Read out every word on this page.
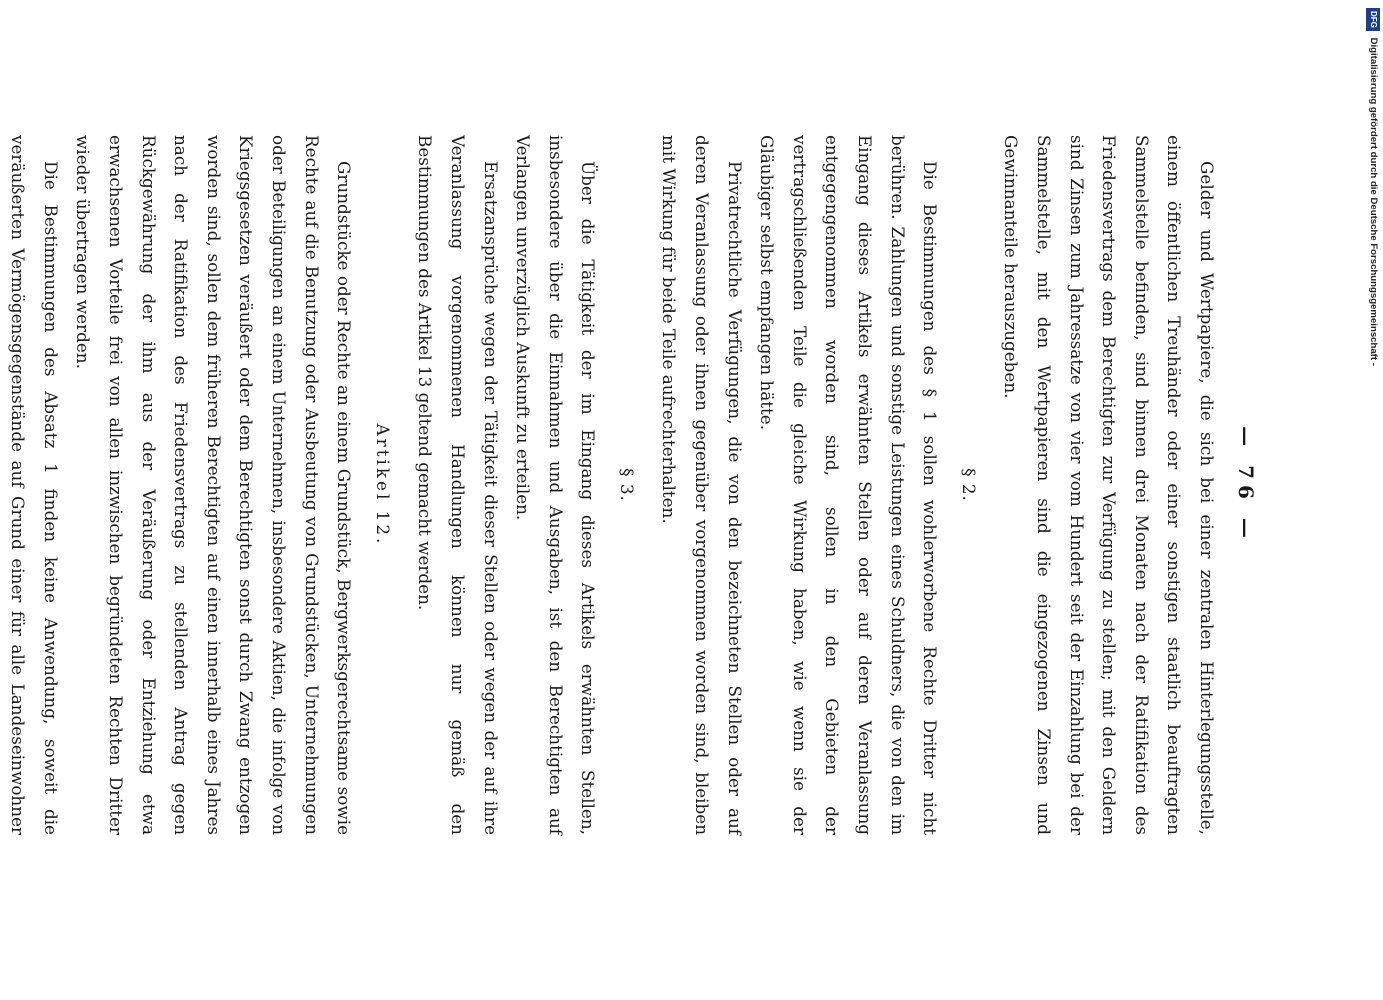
— 76 —

Gelder und Wertpapiere, die sich bei einer zentralen Hinterlegungsstelle, einem öffentlichen Treuhänder oder einer sonstigen staatlich beauftragten Sammelstelle befinden, sind binnen drei Monaten nach der Ratifikation des Friedensvertrags dem Berechtigten zur Verfügung zu stellen; mit den Geldern sind Zinsen zum Jahressatze von vier vom Hundert seit der Einzahlung bei der Sammelstelle, mit den Wertpapieren sind die eingezogenen Zinsen und Gewinnanteile herauszugeben.

§ 2.

Die Bestimmungen des § 1 sollen wohlerworbene Rechte Dritter nicht berühren. Zahlungen und sonstige Leistungen eines Schuldners, die von den im Eingang dieses Artikels erwähnten Stellen oder auf deren Veranlassung entgegengenommen worden sind, sollen in den Gebieten der vertragschließenden Teile die gleiche Wirkung haben, wie wenn sie der Gläubiger selbst empfangen hätte.

Privatrechtliche Verfügungen, die von den bezeichneten Stellen oder auf deren Veranlassung oder ihnen gegenüber vorgenommen worden sind, bleiben mit Wirkung für beide Teile aufrechterhalten.

§ 3.

Über die Tätigkeit der im Eingang dieses Artikels erwähnten Stellen, insbesondere über die Einnahmen und Ausgaben, ist den Berechtigten auf Verlangen unverzüglich Auskunft zu erteilen.

Ersatzansprüche wegen der Tätigkeit dieser Stellen oder wegen der auf ihre Veranlassung vorgenommenen Handlungen können nur gemäß den Bestimmungen des Artikel 13 geltend gemacht werden.

Artikel 12.

Grundstücke oder Rechte an einem Grundstück, Bergwerksgerechtsame sowie Rechte auf die Benutzung oder Ausbeutung von Grundstücken, Unternehmungen oder Beteiligungen an einem Unternehmen, insbesondere Aktien, die infolge von Kriegsgesetzen veräußert oder dem Berechtigten sonst durch Zwang entzogen worden sind, sollen dem früheren Berechtigten auf einen innerhalb eines Jahres nach der Ratifikation des Friedensvertrags zu stellenden Antrag gegen Rückgewährung der ihm aus der Veräußerung oder Entziehung etwa erwachsenen Vorteile frei von allen inzwischen begründeten Rechten Dritter wieder übertragen werden.

Die Bestimmungen des Absatz 1 finden keine Anwendung, soweit die veräußerten Vermögensgegenstände auf Grund einer für alle Landeseinwohner

DFG Digitalisierung gefördert durch die Deutsche Forschungsgemeinschaft -
